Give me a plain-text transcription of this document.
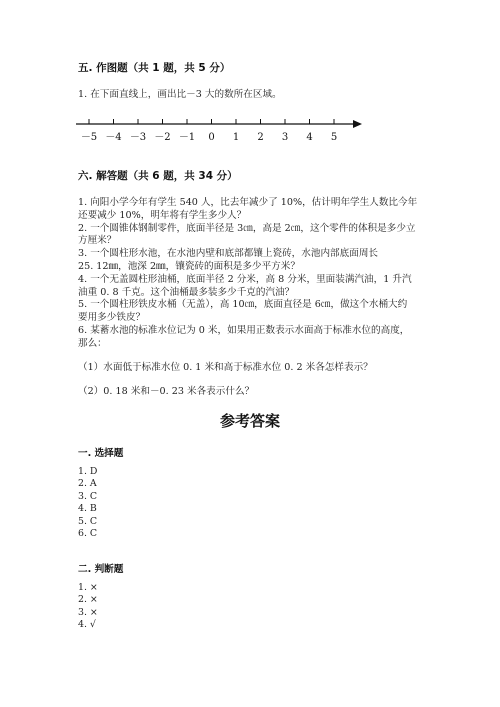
五. 作图题（共 1 题，共 5 分）
1. 在下面直线上，画出比－3 大的数所在区域。
－5 －4 －3 －2 －1 0 1 2 3 4 5
六. 解答题（共 6 题，共 34 分）
1. 向阳小学今年有学生 540 人，比去年减少了 10%，估计明年学生人数比今年
还要减少 10%，明年将有学生多少人？
2. 一个圆锥体钢制零件，底面半径是 3㎝，高是 2㎝，这个零件的体积是多少立
方厘米？
3. 一个圆柱形水池，在水池内壁和底部都镶上瓷砖，水池内部底面周长
25. 12㎜，池深 2㎜，镶瓷砖的面积是多少平方米？
4. 一个无盖圆柱形油桶，底面半径 2 分米，高 8 分米，里面装满汽油，1 升汽
油重 0. 8 千克。这个油桶最多装多少千克的汽油？
5. 一个圆柱形铁皮水桶（无盖），高 10㎝，底面直径是 6㎝，做这个水桶大约
要用多少铁皮？
6. 某蓄水池的标准水位记为 0 米，如果用正数表示水面高于标准水位的高度，
那么：
（1）水面低于标准水位 0. 1 米和高于标准水位 0. 2 米各怎样表示？
（2）0. 18 米和－0. 23 米各表示什么？
参考答案
一. 选择题
1. D
2. A
3. C
4. B
5. C
6. C
二. 判断题
1. ×
2. ×
3. ×
4. √
